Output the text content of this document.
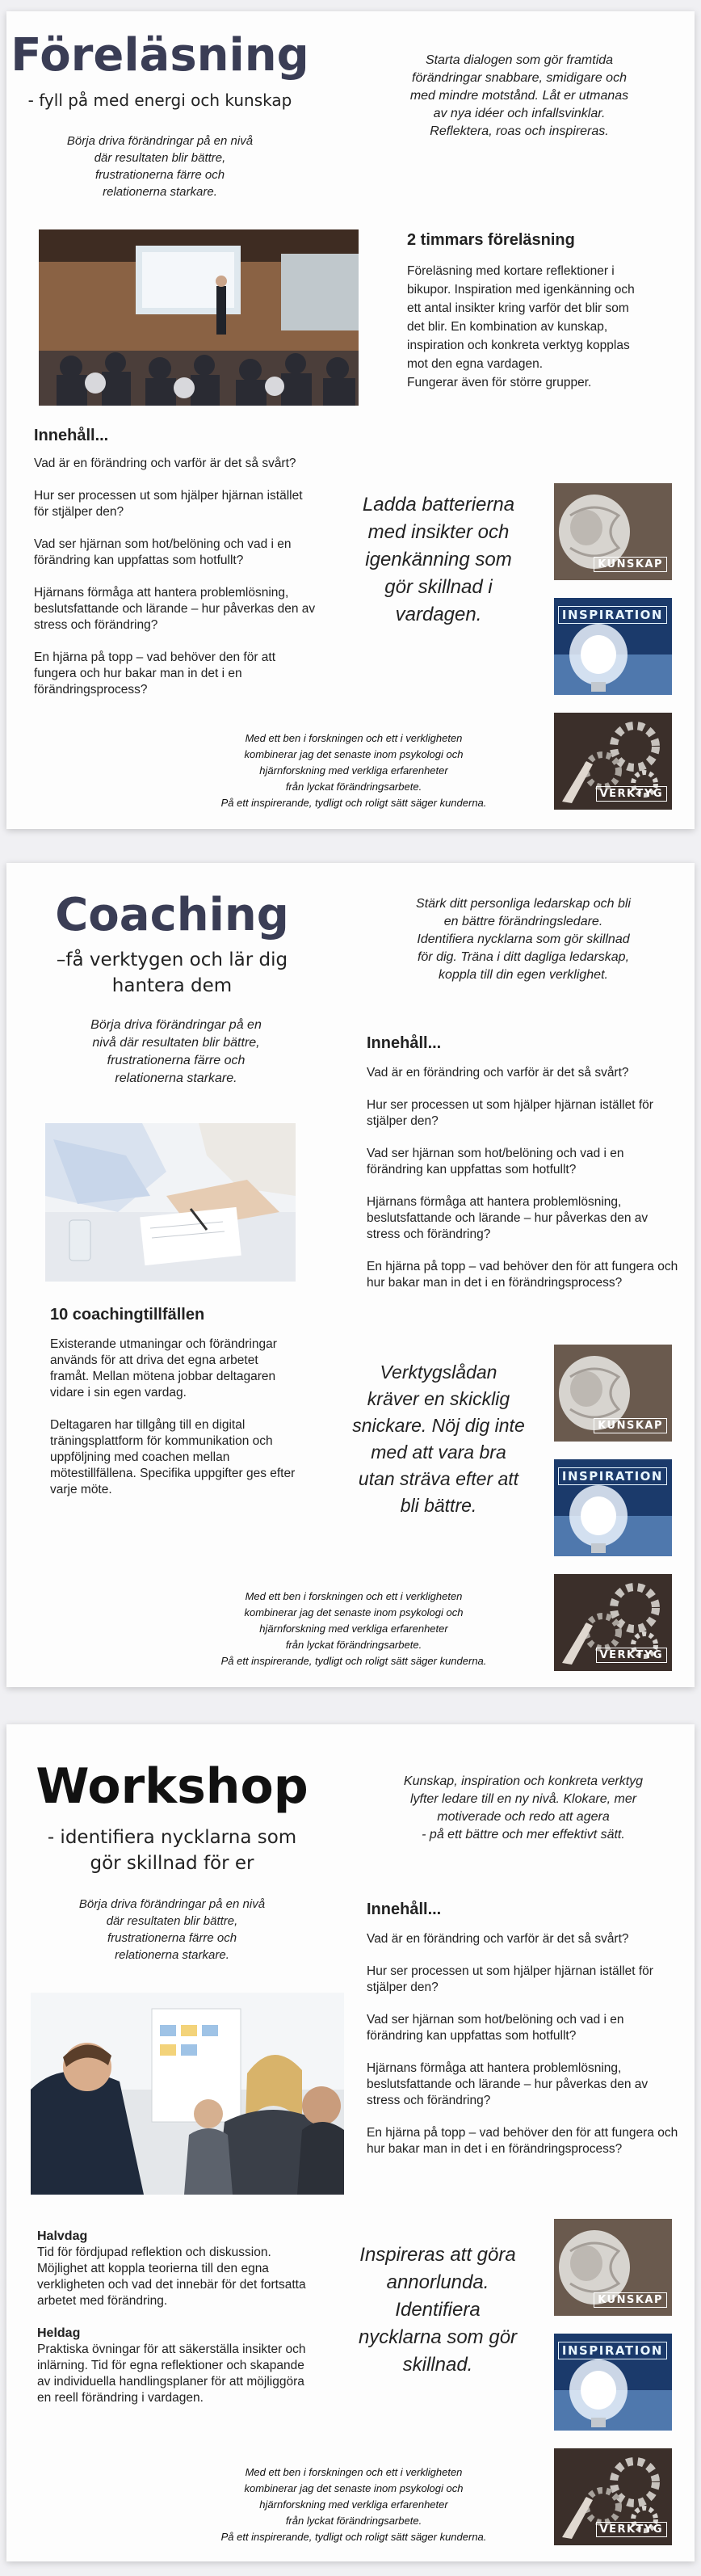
Föreläsning
- fyll på med energi och kunskap
Börja driva förändringar på en nivå
där resultaten blir bättre,
frustrationerna färre och
relationerna starkare.
Starta dialogen som gör framtida
förändringar snabbare, smidigare och
med mindre motstånd. Låt er utmanas
av nya idéer och infallsvinklar.
Reflektera, roas och inspireras.
2 timmars föreläsning
Föreläsning med kortare reflektioner i bikupor. Inspiration med igenkänning och ett antal insikter kring varför det blir som det blir. En kombination av kunskap, inspiration och konkreta verktyg kopplas mot den egna vardagen.
Fungerar även för större grupper.
Innehåll...
Vad är en förändring och varför är det så svårt?
Hur ser processen ut som hjälper hjärnan istället för stjälper den?
Vad ser hjärnan som hot/belöning och vad i en förändring kan uppfattas som hotfullt?
Hjärnans förmåga att hantera problemlösning, beslutsfattande och lärande – hur påverkas den av stress och förändring?
En hjärna på topp – vad behöver den för att fungera och hur bakar man in det i en förändringsprocess?
Ladda batterierna
med insikter och
igenkänning som
gör skillnad i
vardagen.
KUNSKAP
INSPIRATION
VERKTYG
Med ett ben i forskningen och ett i verkligheten
kombinerar jag det senaste inom psykologi och
hjärnforskning med verkliga erfarenheter
från lyckat förändringsarbete.
På ett inspirerande, tydligt och roligt sätt säger kunderna.
Coaching
–få verktygen och lär dig
hantera dem
Börja driva förändringar på en
nivå där resultaten blir bättre,
frustrationerna färre och
relationerna starkare.
Stärk ditt personliga ledarskap och bli
en bättre förändringsledare.
Identifiera nycklarna som gör skillnad
för dig. Träna i ditt dagliga ledarskap,
koppla till din egen verklighet.
10 coachingtillfällen
Existerande utmaningar och förändringar används för att driva det egna arbetet framåt. Mellan mötena jobbar deltagaren vidare i sin egen vardag.
Deltagaren har tillgång till en digital träningsplattform för kommunikation och uppföljning med coachen mellan mötestillfällena. Specifika uppgifter ges efter varje möte.
Innehåll...
Vad är en förändring och varför är det så svårt?
Hur ser processen ut som hjälper hjärnan istället för stjälper den?
Vad ser hjärnan som hot/belöning och vad i en förändring kan uppfattas som hotfullt?
Hjärnans förmåga att hantera problemlösning, beslutsfattande och lärande – hur påverkas den av stress och förändring?
En hjärna på topp – vad behöver den för att fungera och hur bakar man in det i en förändringsprocess?
Verktygslådan
kräver en skicklig
snickare. Nöj dig inte
med att vara bra
utan sträva efter att
bli bättre.
KUNSKAP
INSPIRATION
VERKTYG
Med ett ben i forskningen och ett i verkligheten
kombinerar jag det senaste inom psykologi och
hjärnforskning med verkliga erfarenheter
från lyckat förändringsarbete.
På ett inspirerande, tydligt och roligt sätt säger kunderna.
Workshop
- identifiera nycklarna som
gör skillnad för er
Börja driva förändringar på en nivå
där resultaten blir bättre,
frustrationerna färre och
relationerna starkare.
Kunskap, inspiration och konkreta verktyg
lyfter ledare till en ny nivå. Klokare, mer
motiverade och redo att agera
- på ett bättre och mer effektivt sätt.
Halvdag
Tid för fördjupad reflektion och diskussion. Möjlighet att koppla teorierna till den egna verkligheten och vad det innebär för det fortsatta arbetet med förändring.
Heldag
Praktiska övningar för att säkerställa insikter och inlärning. Tid för egna reflektioner och skapande av individuella handlingsplaner för att möjliggöra en reell förändring i vardagen.
Innehåll...
Vad är en förändring och varför är det så svårt?
Hur ser processen ut som hjälper hjärnan istället för stjälper den?
Vad ser hjärnan som hot/belöning och vad i en förändring kan uppfattas som hotfullt?
Hjärnans förmåga att hantera problemlösning, beslutsfattande och lärande – hur påverkas den av stress och förändring?
En hjärna på topp – vad behöver den för att fungera och hur bakar man in det i en förändringsprocess?
Inspireras att göra
annorlunda.
Identifiera
nycklarna som gör
skillnad.
KUNSKAP
INSPIRATION
VERKTYG
Med ett ben i forskningen och ett i verkligheten
kombinerar jag det senaste inom psykologi och
hjärnforskning med verkliga erfarenheter
från lyckat förändringsarbete.
På ett inspirerande, tydligt och roligt sätt säger kunderna.
